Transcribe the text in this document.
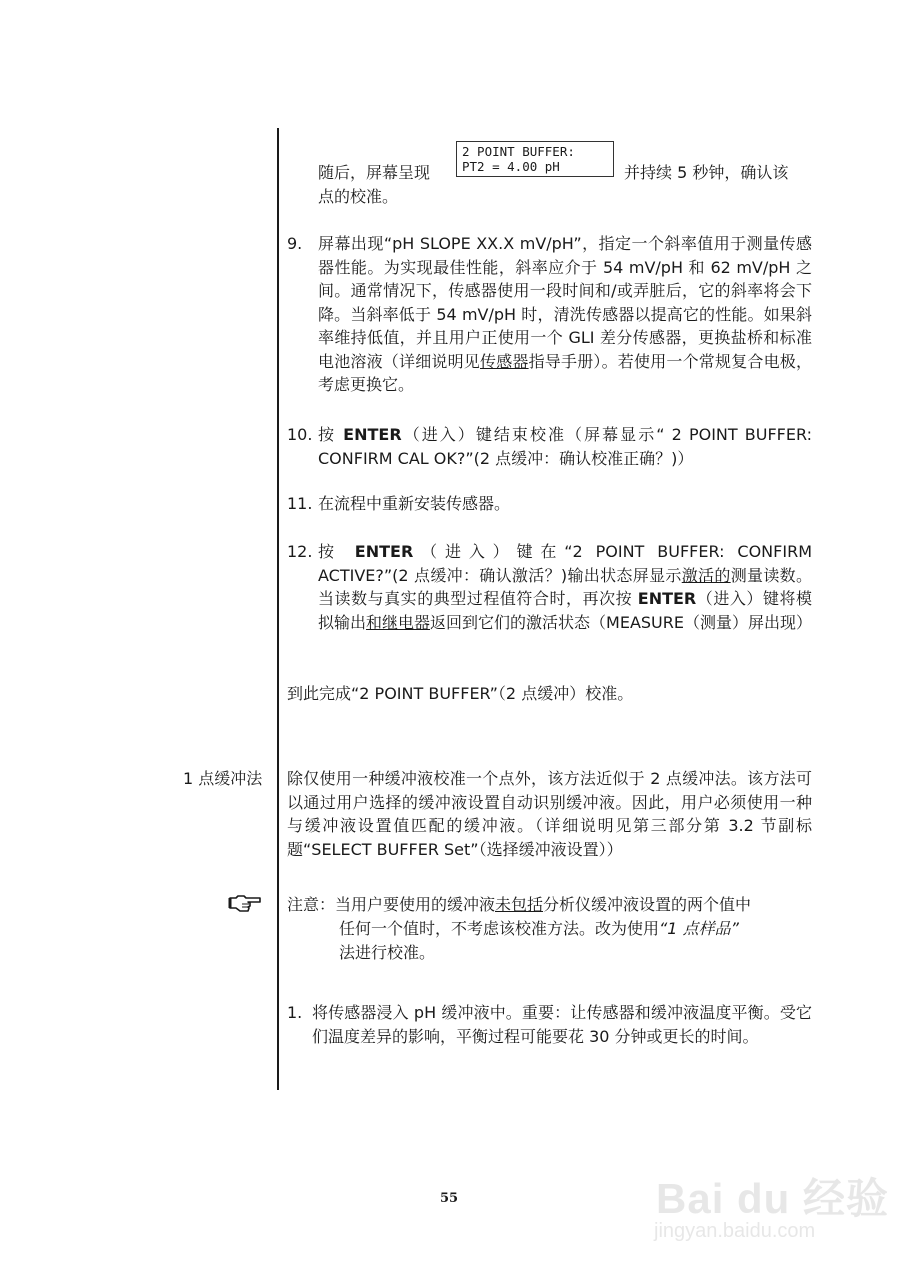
2 POINT BUFFER:
PT2 = 4.00 pH
随后，屏幕呈现	并持续 5 秒钟，确认该
点的校准。
9. 屏幕出现“pH SLOPE XX.X mV/pH”，指定一个斜率值用于测量传感器性能。为实现最佳性能，斜率应介于 54 mV/pH 和 62 mV/pH 之间。通常情况下，传感器使用一段时间和/或弄脏后，它的斜率将会下降。当斜率低于 54 mV/pH 时，清洗传感器以提高它的性能。如果斜率维持低值，并且用户正使用一个 GLI 差分传感器，更换盐桥和标准电池溶液（详细说明见传感器指导手册）。若使用一个常规复合电极，考虑更换它。
10. 按 ENTER（进入）键结束校准（屏幕显示“ 2 POINT BUFFER: CONFIRM CAL OK?”(2 点缓冲：确认校准正确？)）
11. 在流程中重新安装传感器。
12. 按 ENTER（进入）键在“2 POINT BUFFER: CONFIRM ACTIVE?”(2 点缓冲：确认激活？)输出状态屏显示激活的测量读数。当读数与真实的典型过程值符合时，再次按 ENTER（进入）键将模拟输出和继电器返回到它们的激活状态（MEASURE（测量）屏出现）
到此完成“2 POINT BUFFER”（2 点缓冲）校准。
1 点缓冲法 除仅使用一种缓冲液校准一个点外，该方法近似于 2 点缓冲法。该方法可以通过用户选择的缓冲液设置自动识别缓冲液。因此，用户必须使用一种与缓冲液设置值匹配的缓冲液。（详细说明见第三部分第 3.2 节副标题“SELECT BUFFER Set”（选择缓冲液设置））
注意：当用户要使用的缓冲液未包括分析仪缓冲液设置的两个值中
任何一个值时，不考虑该校准方法。改为使用“1 点样品”
法进行校准。
1. 将传感器浸入 pH 缓冲液中。重要：让传感器和缓冲液温度平衡。受它们温度差异的影响，平衡过程可能要花 30 分钟或更长的时间。
55	Bai du 经验
jingyan.baidu.com
